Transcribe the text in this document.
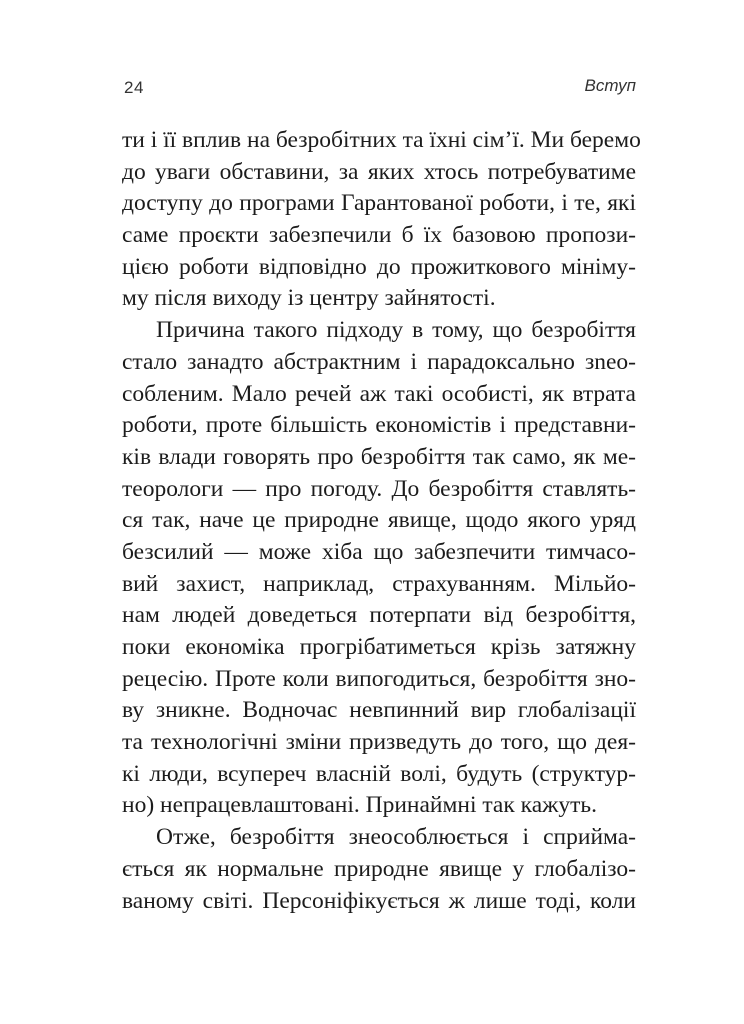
24	Вступ
ти і її вплив на безробітних та їхні сім’ї. Ми беремо
до уваги обставини, за яких хтось потребуватиме
доступу до програми Гарантованої роботи, і те, які
саме проєкти забезпечили б їх базовою пропози-
цією роботи відповідно до прожиткового мініму-
му після виходу із центру зайнятості.
Причина такого підходу в тому, що безробіття
стало занадто абстрактним і парадоксально зneо-
собленим. Мало речей аж такі особисті, як втрата
роботи, проте більшість економістів і представни-
ків влади говорять про безробіття так само, як ме-
теорологи — про погоду. До безробіття ставлять-
ся так, наче це природне явище, щодо якого уряд
безсилий — може хіба що забезпечити тимчасо-
вий захист, наприклад, страхуванням. Мільйо-
нам людей доведеться потерпати від безробіття,
поки економіка прогрібатиметься крізь затяжну
рецесію. Проте коли випогодиться, безробіття зно-
ву зникне. Водночас невпинний вир глобалізації
та технологічні зміни призведуть до того, що дея-
кі люди, всупереч власній волі, будуть (структур-
но) непрацевлаштовані. Принаймні так кажуть.
Отже, безробіття знеособлюється і сприйма-
ється як нормальне природне явище у глобалізо-
ваному світі. Персоніфікується ж лише тоді, коли
